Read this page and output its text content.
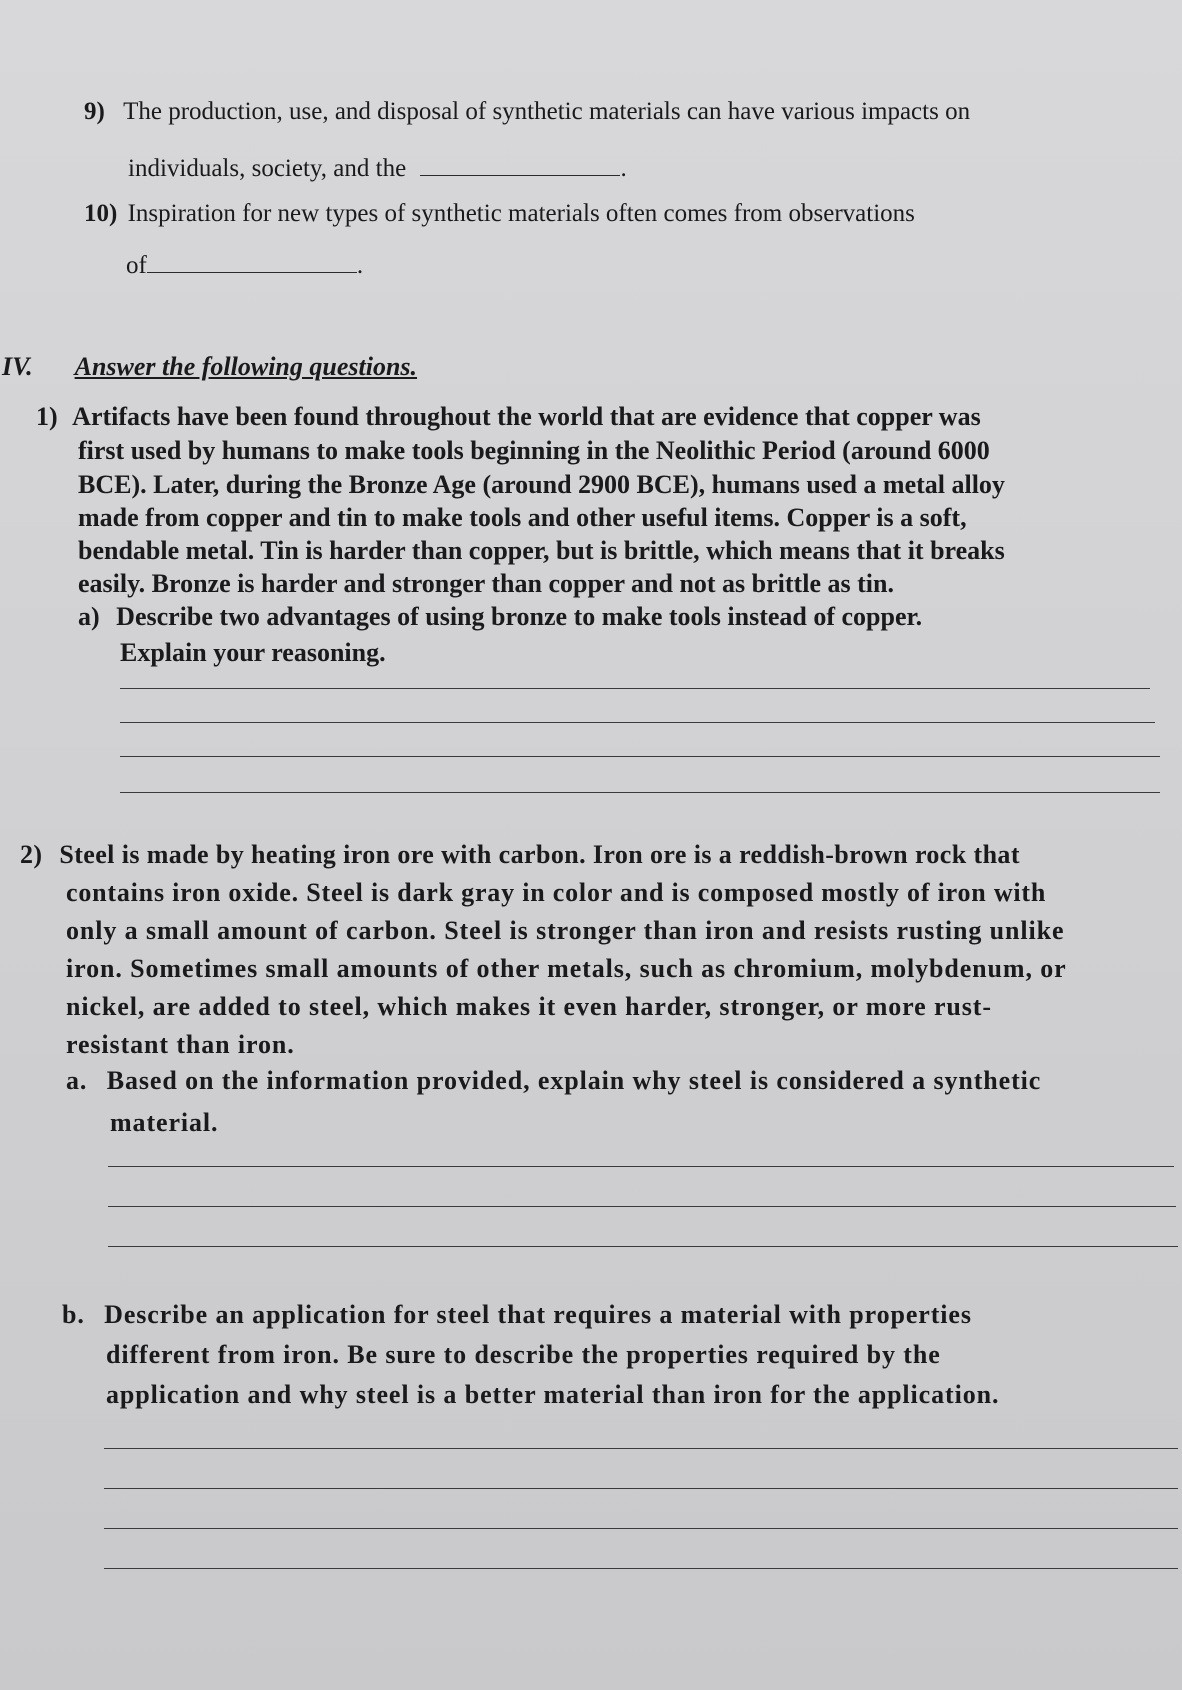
9) The production, use, and disposal of synthetic materials can have various impacts on
individuals, society, and the	.
10) Inspiration for new types of synthetic materials often comes from observations
of	.
IV. Answer the following questions.
1) Artifacts have been found throughout the world that are evidence that copper was
first used by humans to make tools beginning in the Neolithic Period (around 6000
BCE). Later, during the Bronze Age (around 2900 BCE), humans used a metal alloy
made from copper and tin to make tools and other useful items. Copper is a soft,
bendable metal. Tin is harder than copper, but is brittle, which means that it breaks
easily. Bronze is harder and stronger than copper and not as brittle as tin.
a) Describe two advantages of using bronze to make tools instead of copper.
Explain your reasoning.
2) Steel is made by heating iron ore with carbon. Iron ore is a reddish-brown rock that
contains iron oxide. Steel is dark gray in color and is composed mostly of iron with
only a small amount of carbon. Steel is stronger than iron and resists rusting unlike
iron. Sometimes small amounts of other metals, such as chromium, molybdenum, or
nickel, are added to steel, which makes it even harder, stronger, or more rust-
resistant than iron.
a. Based on the information provided, explain why steel is considered a synthetic
material.
b. Describe an application for steel that requires a material with properties
different from iron. Be sure to describe the properties required by the
application and why steel is a better material than iron for the application.
